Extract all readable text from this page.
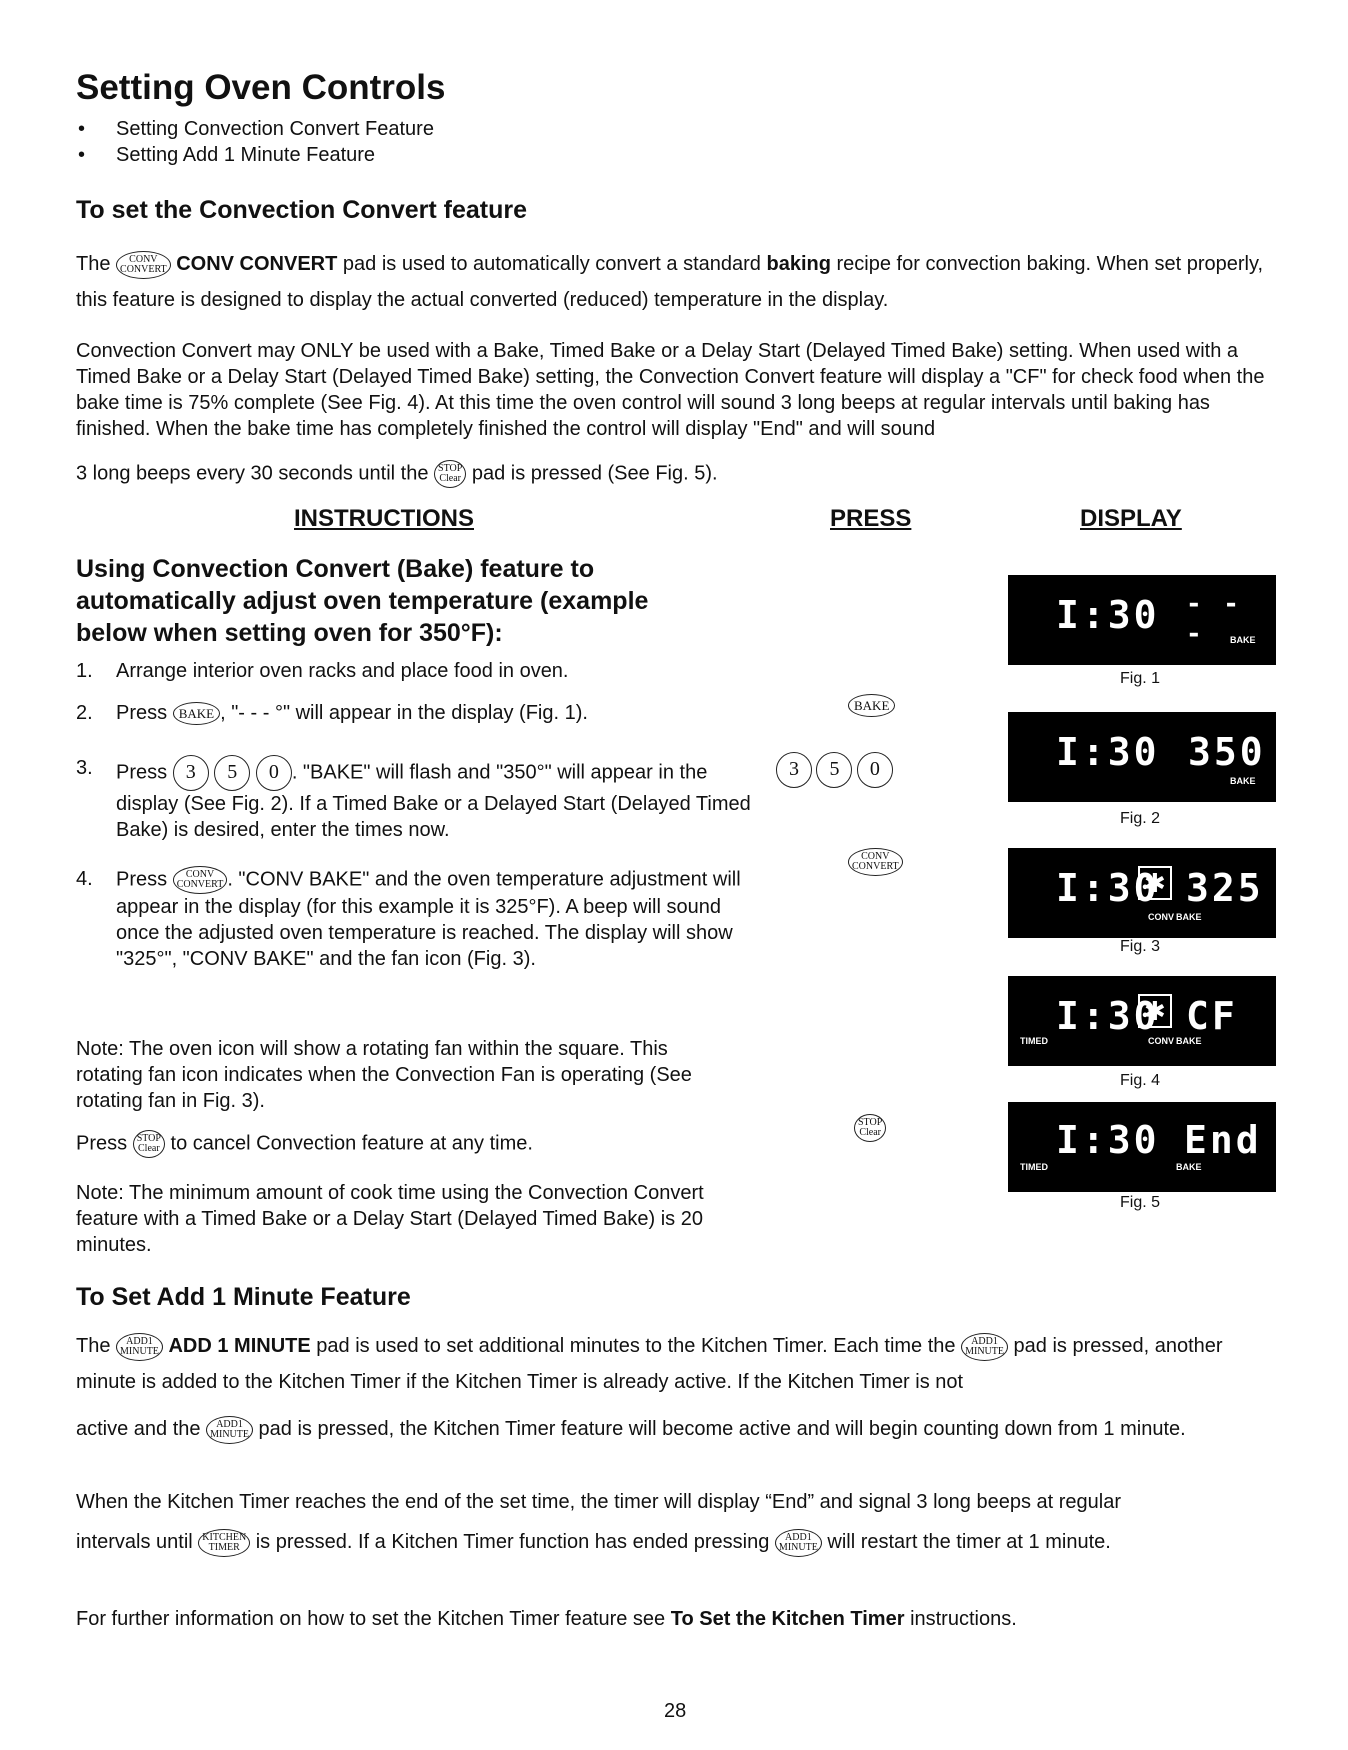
Setting Oven Controls
• Setting Convection Convert Feature
• Setting Add 1 Minute Feature
To set the Convection Convert feature

The CONV
CONVERT CONV CONVERT pad is used to automatically convert a standard baking recipe for convection baking. When set properly, this feature is designed to display the actual converted (reduced) temperature in the display.

Convection Convert may ONLY be used with a Bake, Timed Bake or a Delay Start (Delayed Timed Bake) setting. When used with a Timed Bake or a Delay Start (Delayed Timed Bake) setting, the Convection Convert feature will display a "CF" for check food when the bake time is 75% complete (See Fig. 4). At this time the oven control will sound 3 long beeps at regular intervals until baking has finished. When the bake time has completely finished the control will display "End" and will sound

3 long beeps every 30 seconds until the STOP
Clear pad is pressed (See Fig. 5).

INSTRUCTIONS	PRESS	DISPLAY
Using Convection Convert (Bake) feature to automatically adjust oven temperature (example below when setting oven for 350°F):
1. Arrange interior oven racks and place food in oven.
2. Press BAKE , "- - - °" will appear in the display (Fig. 1).
3. Press 3 5 0 . "BAKE" will flash and "350°" will appear in the display (See Fig. 2). If a Timed Bake or a Delayed Start (Delayed Timed Bake) is desired, enter the times now.
4. Press CONV
CONVERT . "CONV BAKE" and the oven temperature adjustment will appear in the display (for this example it is 325°F). A beep will sound once the adjusted oven temperature is reached. The display will show "325°", "CONV BAKE" and the fan icon (Fig. 3).

Note: The oven icon will show a rotating fan within the square. This rotating fan icon indicates when the Convection Fan is operating (See rotating fan in Fig. 3).

Press STOP
Clear to cancel Convection feature at any time.

Note: The minimum amount of cook time using the Convection Convert feature with a Timed Bake or a Delay Start (Delayed Timed Bake) is 20 minutes.

BAKE
3 5 0
CONV
CONVERT
STOP
Clear
I:30 - - -	BAKE
Fig. 1
I:30 350
BAKE
Fig. 2
I:30 ✱ 325
CONV BAKE
Fig. 3
I:30 ✱ CF
TIMED	CONV BAKE
Fig. 4
I:30 End
TIMED	BAKE
Fig. 5
To Set Add 1 Minute Feature

The ADD1
MINUTE ADD 1 MINUTE pad is used to set additional minutes to the Kitchen Timer. Each time the ADD1
MINUTE pad is pressed, another minute is added to the Kitchen Timer if the Kitchen Timer is already active. If the Kitchen Timer is not

active and the ADD1
MINUTE pad is pressed, the Kitchen Timer feature will become active and will begin counting down from 1 minute.

When the Kitchen Timer reaches the end of the set time, the timer will display “End” and signal 3 long beeps at regular
intervals until KITCHEN
TIMER is pressed. If a Kitchen Timer function has ended pressing ADD1
MINUTE will restart the timer at 1 minute.

For further information on how to set the Kitchen Timer feature see To Set the Kitchen Timer instructions.

28
